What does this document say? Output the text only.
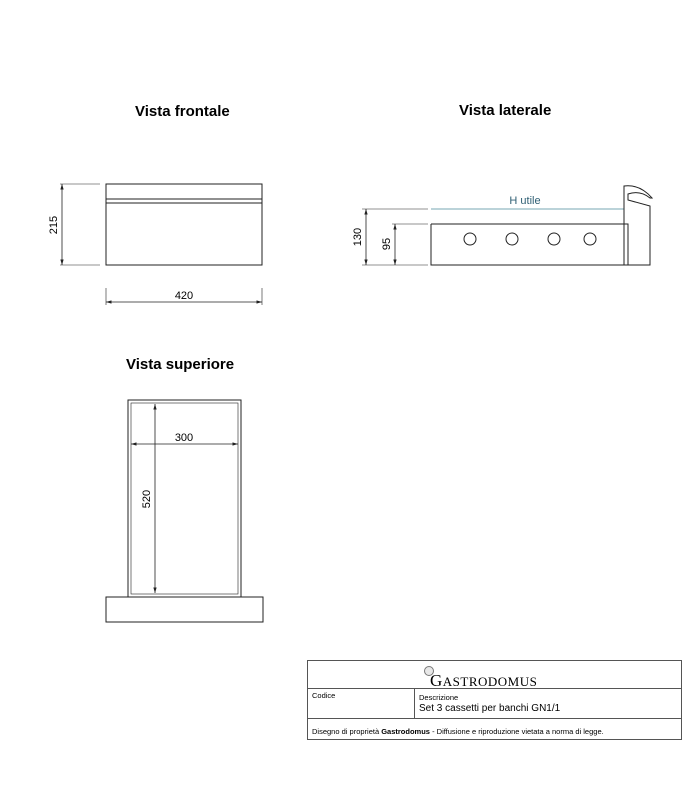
Vista frontale	Vista laterale
Vista superiore
215
420
130 95
H utile
300
520
GASTRODOMUS
Codice	Descrizione
Set 3 cassetti per banchi GN1/1
Disegno di proprietà Gastrodomus - Diffusione e riproduzione vietata a norma di legge.
